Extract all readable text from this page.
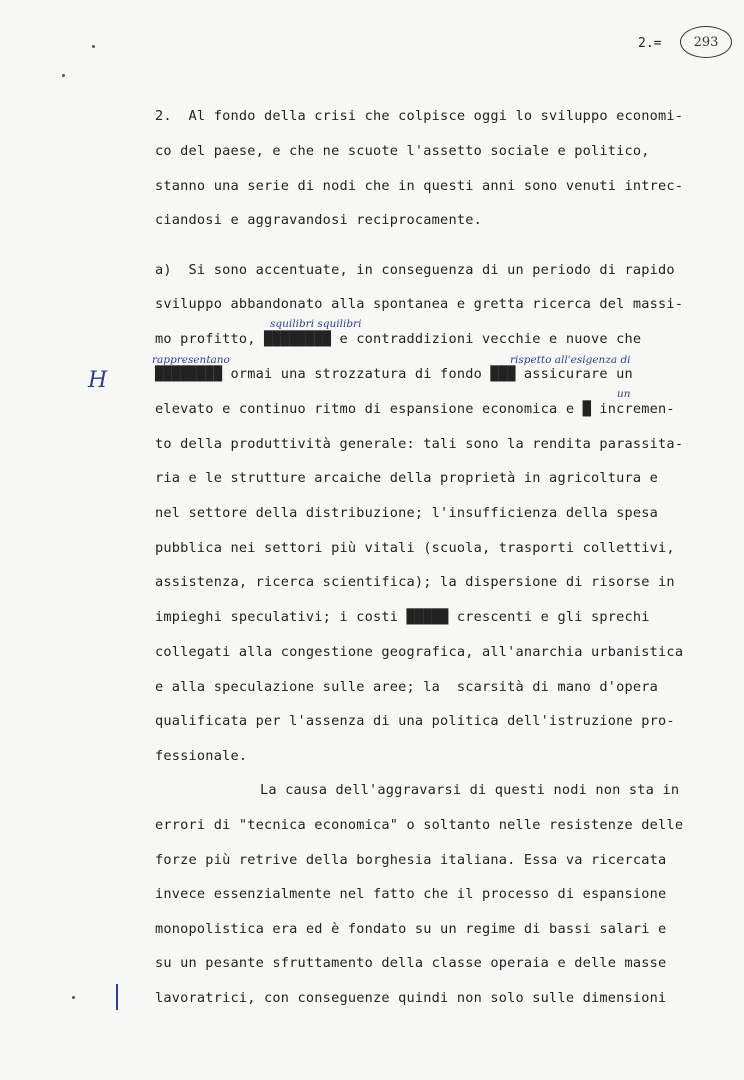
2.= 293
2.  Al fondo della crisi che colpisce oggi lo sviluppo economi-
co del paese, e che ne scuote l'assetto sociale e politico,
stanno una serie di nodi che in questi anni sono venuti intrec-
ciandosi e aggravandosi reciprocamente.
a)  Si sono accentuate, in conseguenza di un periodo di rapido
sviluppo abbandonato alla spontanea e gretta ricerca del massi-
mo profitto, ████████ e contraddizioni vecchie e nuove che
████████ ormai una strozzatura di fondo ███ assicurare un
elevato e continuo ritmo di espansione economica e █ incremen-
to della produttività generale: tali sono la rendita parassita-
ria e le strutture arcaiche della proprietà in agricoltura e
nel settore della distribuzione; l'insufficienza della spesa
pubblica nei settori più vitali (scuola, trasporti collettivi,
assistenza, ricerca scientifica); la dispersione di risorse in
impieghi speculativi; i costi █████ crescenti e gli sprechi
collegati alla congestione geografica, all'anarchia urbanistica
e alla speculazione sulle aree; la  scarsità di mano d'opera
qualificata per l'assenza di una politica dell'istruzione pro-
fessionale.
La causa dell'aggravarsi di questi nodi non sta in
errori di "tecnica economica" o soltanto nelle resistenze delle
forze più retrive della borghesia italiana. Essa va ricercata
invece essenzialmente nel fatto che il processo di espansione
monopolistica era ed è fondato su un regime di bassi salari e
su un pesante sfruttamento della classe operaia e delle masse
lavoratrici, con conseguenze quindi non solo sulle dimensioni
squilibri squilibri
rappresentano	rispetto all'esigenza di
un
H
